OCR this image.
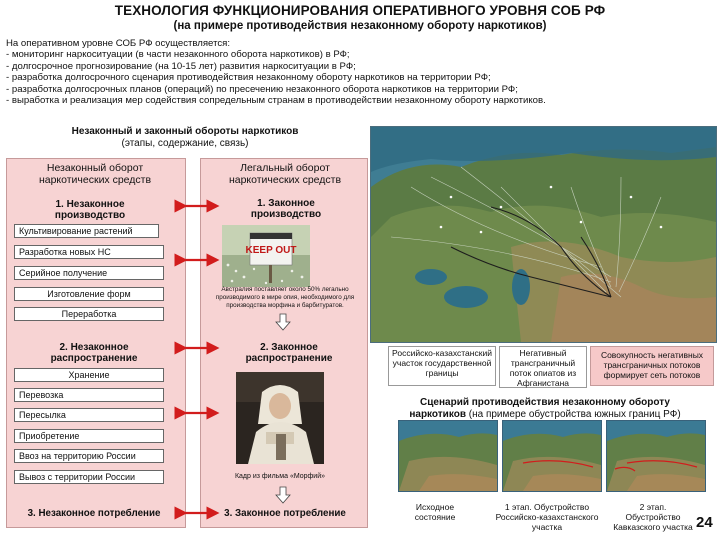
ТЕХНОЛОГИЯ ФУНКЦИОНИРОВАНИЯ ОПЕРАТИВНОГО УРОВНЯ СОБ РФ
(на примере противодействия незаконному обороту наркотиков)
На оперативном уровне СОБ РФ осуществляется:
- мониторинг наркоситуации (в части незаконного оборота наркотиков) в РФ;
- долгосрочное прогнозирование (на 10-15 лет) развития наркоситуации в РФ;
- разработка долгосрочного сценария противодействия незаконному обороту наркотиков на территории РФ;
- разработка долгосрочных планов (операций) по пресечению незаконного оборота наркотиков на территории РФ;
- выработка и реализация мер содействия сопредельным странам в противодействии незаконному обороту наркотиков.
Незаконный и законный обороты наркотиков
(этапы, содержание, связь)
Незаконный оборот наркотических средств
Легальный оборот наркотических средств
1. Незаконное производство
1. Законное производство
Культивирование растений
Разработка новых НС
Серийное получение
Изготовление форм
Переработка
2. Незаконное распространение
2. Законное распространение
Хранение
Перевозка
Пересылка
Приобретение
Ввоз на территорию России
Вывоз с территории России
3. Незаконное потребление	3. Законное потребление
KEEP OUT
Австралия поставляет около 50% легально производимого в мире опия, необходимого для производства морфина и барбитуратов.
Кадр из фильма «Морфий»
Российско-казахстанский участок государственной границы
Негативный трансграничный поток опиатов из Афганистана
Совокупность негативных трансграничных потоков формирует сеть потоков
Сценарий противодействия незаконному обороту наркотиков (на примере обустройства южных границ РФ)
Исходное состояние
1 этап. Обустройство Российско-казахстанского участка
2 этап. Обустройство Кавказского участка 24
